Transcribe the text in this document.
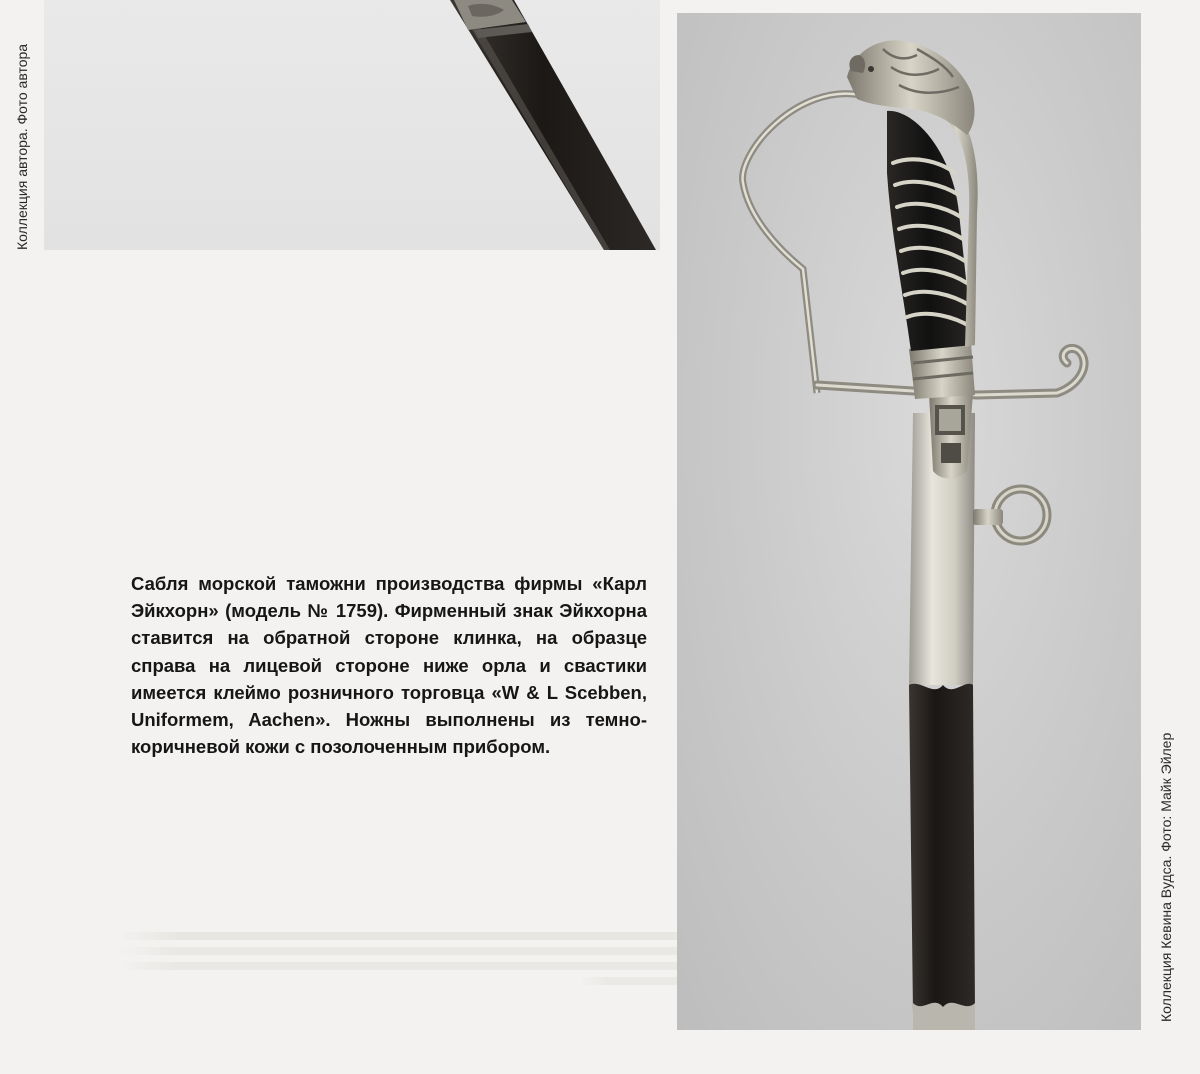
Коллекция автора. Фото автора
Коллекция Кевина Вудса. Фото: Майк Эйлер
Сабля морской таможни производства фирмы «Карл Эйкхорн» (модель № 1759). Фирменный знак Эйкхорна ставится на обратной стороне клинка, на образце справа на лицевой стороне ниже орла и свастики имеется клеймо розничного торговца «W & L Scebben, Uniformem, Aachen». Ножны выполнены из темно-коричневой кожи с позолоченным прибором.
